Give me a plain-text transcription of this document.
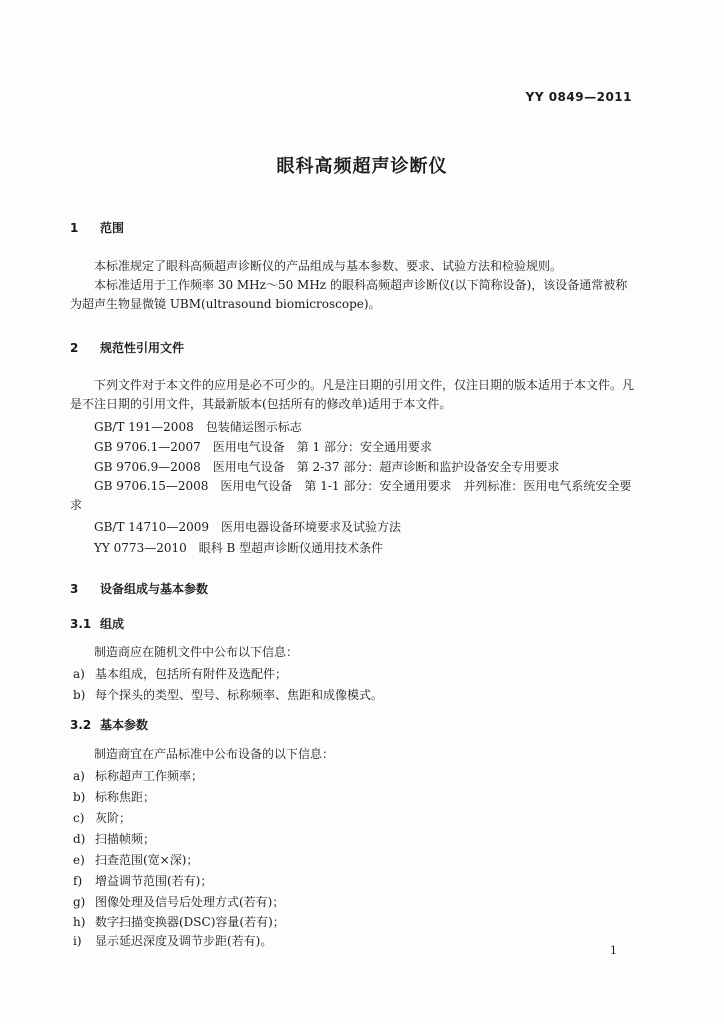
YY 0849—2011
眼科高频超声诊断仪
1 范围
本标准规定了眼科高频超声诊断仪的产品组成与基本参数、要求、试验方法和检验规则。
本标准适用于工作频率 30 MHz～50 MHz 的眼科高频超声诊断仪(以下简称设备)，该设备通常被称为超声生物显微镜 UBM(ultrasound biomicroscope)。
2 规范性引用文件
下列文件对于本文件的应用是必不可少的。凡是注日期的引用文件，仅注日期的版本适用于本文件。凡是不注日期的引用文件，其最新版本(包括所有的修改单)适用于本文件。
GB/T 191—2008　包装储运图示标志
GB 9706.1—2007　医用电气设备　第 1 部分：安全通用要求
GB 9706.9—2008　医用电气设备　第 2-37 部分：超声诊断和监护设备安全专用要求
GB 9706.15—2008　医用电气设备　第 1-1 部分：安全通用要求　并列标准：医用电气系统安全要求
GB/T 14710—2009　医用电器设备环境要求及试验方法
YY 0773—2010　眼科 B 型超声诊断仪通用技术条件
3 设备组成与基本参数
3.1 组成
制造商应在随机文件中公布以下信息：
a) 基本组成，包括所有附件及选配件；
b) 每个探头的类型、型号、标称频率、焦距和成像模式。
3.2 基本参数
制造商宜在产品标准中公布设备的以下信息：
a) 标称超声工作频率；
b) 标称焦距；
c) 灰阶；
d) 扫描帧频；
e) 扫查范围(宽×深)；
f) 增益调节范围(若有)；
g) 图像处理及信号后处理方式(若有)；
h) 数字扫描变换器(DSC)容量(若有)；
i) 显示延迟深度及调节步距(若有)。
1
